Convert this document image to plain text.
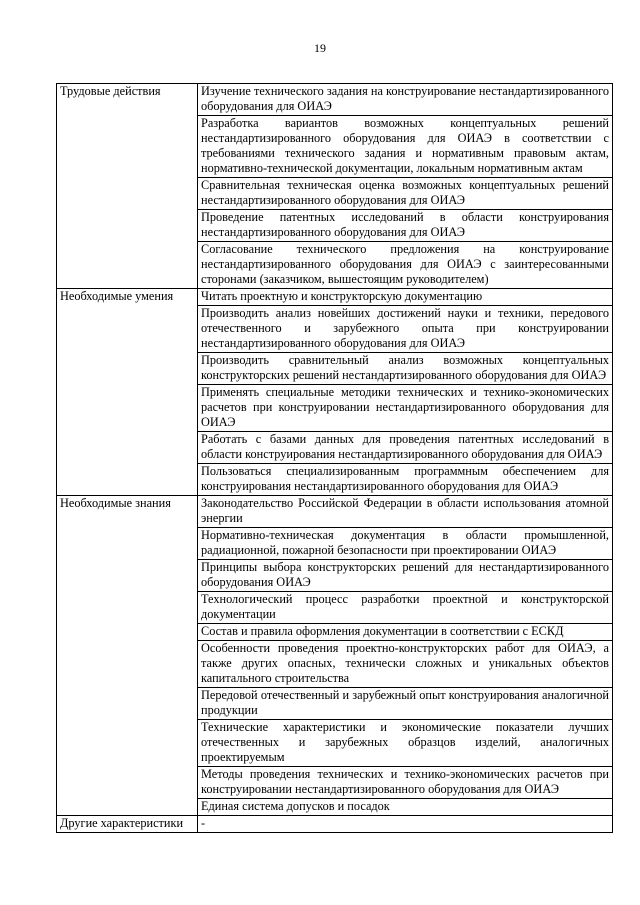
19
Трудовые действия	Изучение технического задания на конструирование нестандартизированного оборудования для ОИАЭ
	Разработка вариантов возможных концептуальных решений нестандартизированного оборудования для ОИАЭ в соответствии с требованиями технического задания и нормативным правовым актам, нормативно-технической документации, локальным нормативным актам
	Сравнительная техническая оценка возможных концептуальных решений нестандартизированного оборудования для ОИАЭ
	Проведение патентных исследований в области конструирования нестандартизированного оборудования для ОИАЭ
	Согласование технического предложения на конструирование нестандартизированного оборудования для ОИАЭ с заинтересованными сторонами (заказчиком, вышестоящим руководителем)
Необходимые умения	Читать проектную и конструкторскую документацию
	Производить анализ новейших достижений науки и техники, передового отечественного и зарубежного опыта при конструировании нестандартизированного оборудования для ОИАЭ
	Производить сравнительный анализ возможных концептуальных конструкторских решений нестандартизированного оборудования для ОИАЭ
	Применять специальные методики технических и технико-экономических расчетов при конструировании нестандартизированного оборудования для ОИАЭ
	Работать с базами данных для проведения патентных исследований в области конструирования нестандартизированного оборудования для ОИАЭ
	Пользоваться специализированным программным обеспечением для конструирования нестандартизированного оборудования для ОИАЭ
Необходимые знания	Законодательство Российской Федерации в области использования атомной энергии
	Нормативно-техническая документация в области промышленной, радиационной, пожарной безопасности при проектировании ОИАЭ
	Принципы выбора конструкторских решений для нестандартизированного оборудования ОИАЭ
	Технологический процесс разработки проектной и конструкторской документации
	Состав и правила оформления документации в соответствии с ЕСКД
	Особенности проведения проектно-конструкторских работ для ОИАЭ, а также других опасных, технически сложных и уникальных объектов капитального строительства
	Передовой отечественный и зарубежный опыт конструирования аналогичной продукции
	Технические характеристики и экономические показатели лучших отечественных и зарубежных образцов изделий, аналогичных проектируемым
	Методы проведения технических и технико-экономических расчетов при конструировании нестандартизированного оборудования для ОИАЭ
	Единая система допусков и посадок
Другие характеристики	-
